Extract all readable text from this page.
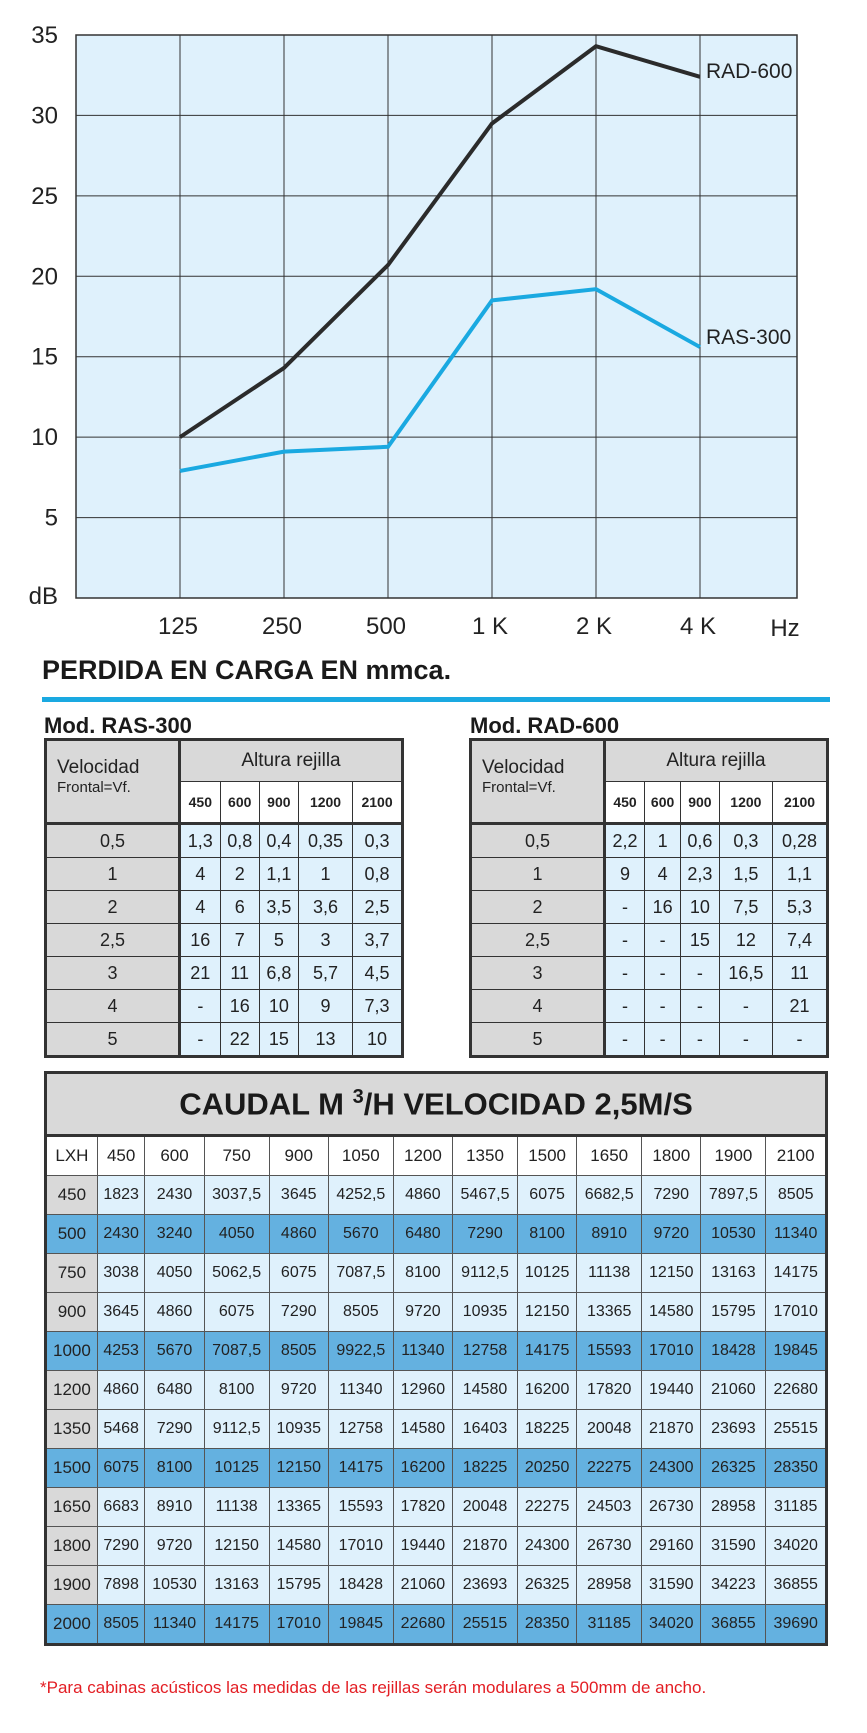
5
10
15
20
25
30
35
dB
125	250	500	1 K	2 K	4 K Hz
RAD-600
RAS-300
PERDIDA EN CARGA EN mmca.
Mod. RAS-300
Velocidad
Frontal=Vf.	Altura rejilla				
	450	600	900	1200	2100
0,5	1,3	0,8	0,4	0,35	0,3
1	4	2	1,1	1	0,8
2	4	6	3,5	3,6	2,5
2,5	16	7	5	3	3,7
3	21	11	6,8	5,7	4,5
4	-	16	10	9	7,3
5	-	22	15	13	10
Mod. RAD-600
Velocidad
Frontal=Vf.	Altura rejilla				
	450	600	900	1200	2100
0,5	2,2	1	0,6	0,3	0,28
1	9	4	2,3	1,5	1,1
2	-	16	10	7,5	5,3
2,5	-	-	15	12	7,4
3	-	-	-	16,5	11
4	-	-	-	-	21
5	-	-	-	-	-
CAUDAL M $^3$/H VELOCIDAD 2,5M/S												
LXH	450	600	750	900	1050	1200	1350	1500	1650	1800	1900	2100
450	1823	2430	3037,5	3645	4252,5	4860	5467,5	6075	6682,5	7290	7897,5	8505
500	2430	3240	4050	4860	5670	6480	7290	8100	8910	9720	10530	11340
750	3038	4050	5062,5	6075	7087,5	8100	9112,5	10125	11138	12150	13163	14175
900	3645	4860	6075	7290	8505	9720	10935	12150	13365	14580	15795	17010
1000	4253	5670	7087,5	8505	9922,5	11340	12758	14175	15593	17010	18428	19845
1200	4860	6480	8100	9720	11340	12960	14580	16200	17820	19440	21060	22680
1350	5468	7290	9112,5	10935	12758	14580	16403	18225	20048	21870	23693	25515
1500	6075	8100	10125	12150	14175	16200	18225	20250	22275	24300	26325	28350
1650	6683	8910	11138	13365	15593	17820	20048	22275	24503	26730	28958	31185
1800	7290	9720	12150	14580	17010	19440	21870	24300	26730	29160	31590	34020
1900	7898	10530	13163	15795	18428	21060	23693	26325	28958	31590	34223	36855
2000	8505	11340	14175	17010	19845	22680	25515	28350	31185	34020	36855	39690
*Para cabinas acústicos las medidas de las rejillas serán modulares a 500mm de ancho.
